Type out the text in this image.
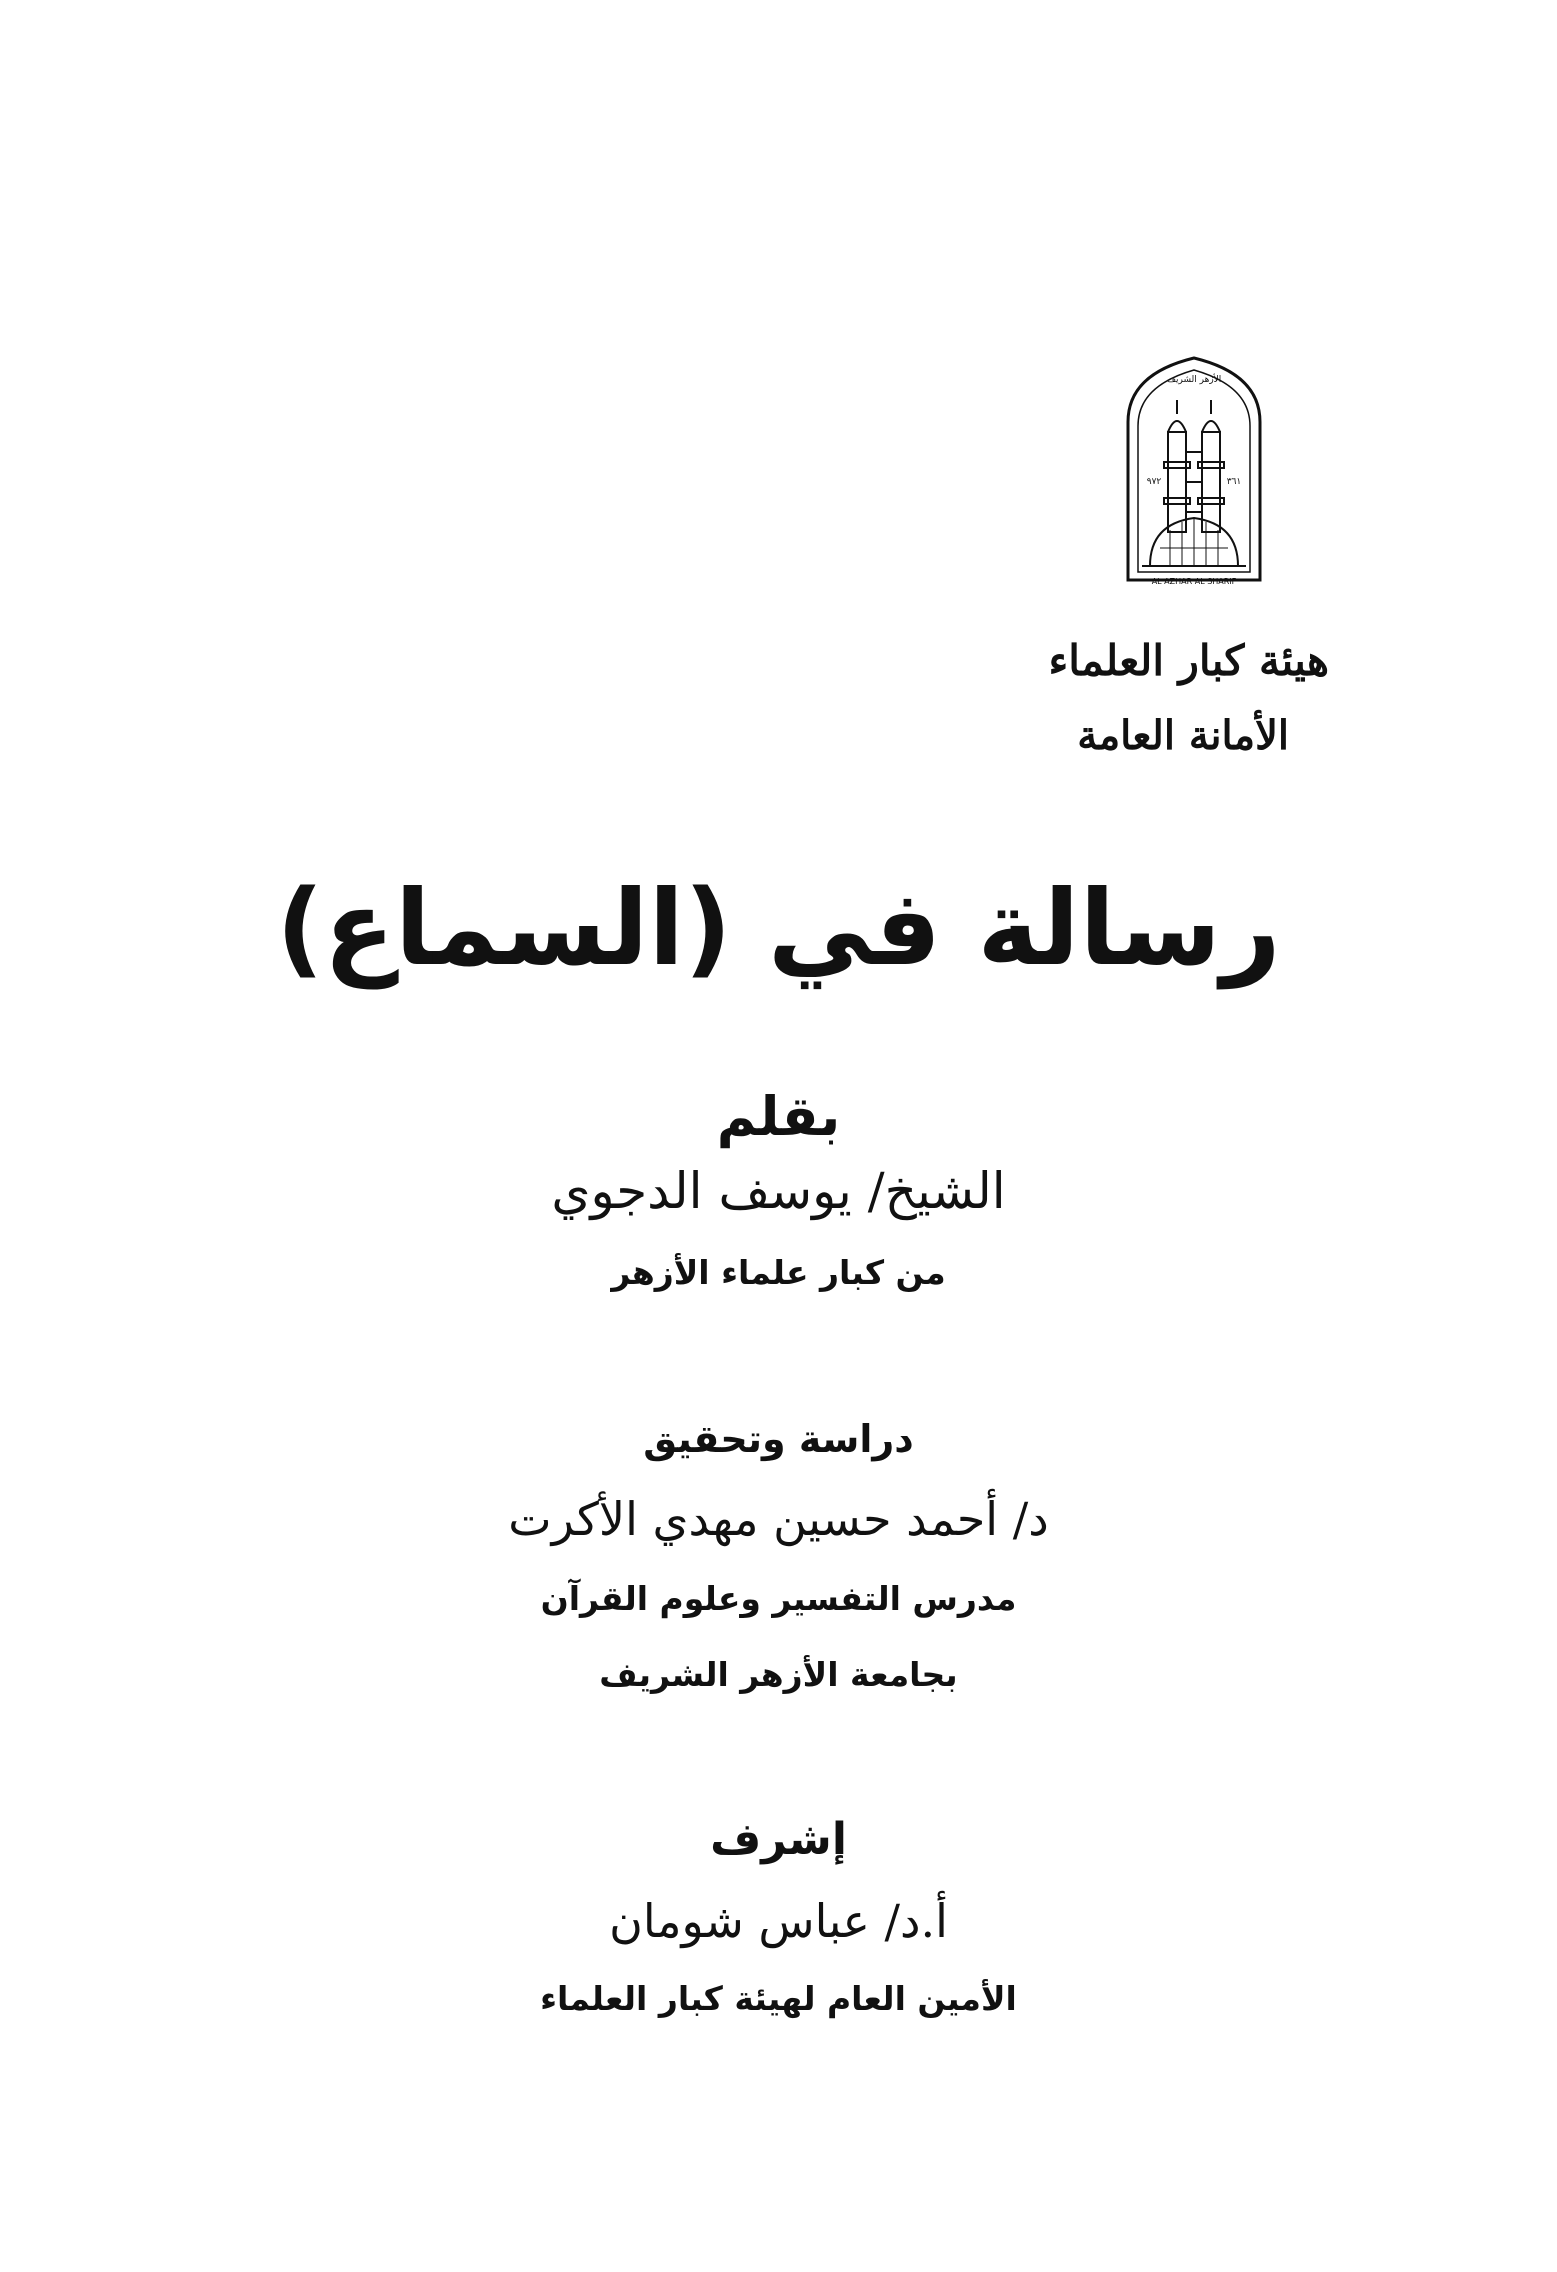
٩٧٢	٣٦١
الأزهر الشريف
AL AZHAR AL SHARIF
هيئة كبار العلماء
الأمانة العامة
رسالة في (السماع)
بقلم
الشيخ/ يوسف الدجوي
من كبار علماء الأزهر
دراسة وتحقيق
د/ أحمد حسين مهدي الأكرت
مدرس التفسير وعلوم القرآن
بجامعة الأزهر الشريف
إشرف
أ.د/ عباس شومان
الأمين العام لهيئة كبار العلماء
